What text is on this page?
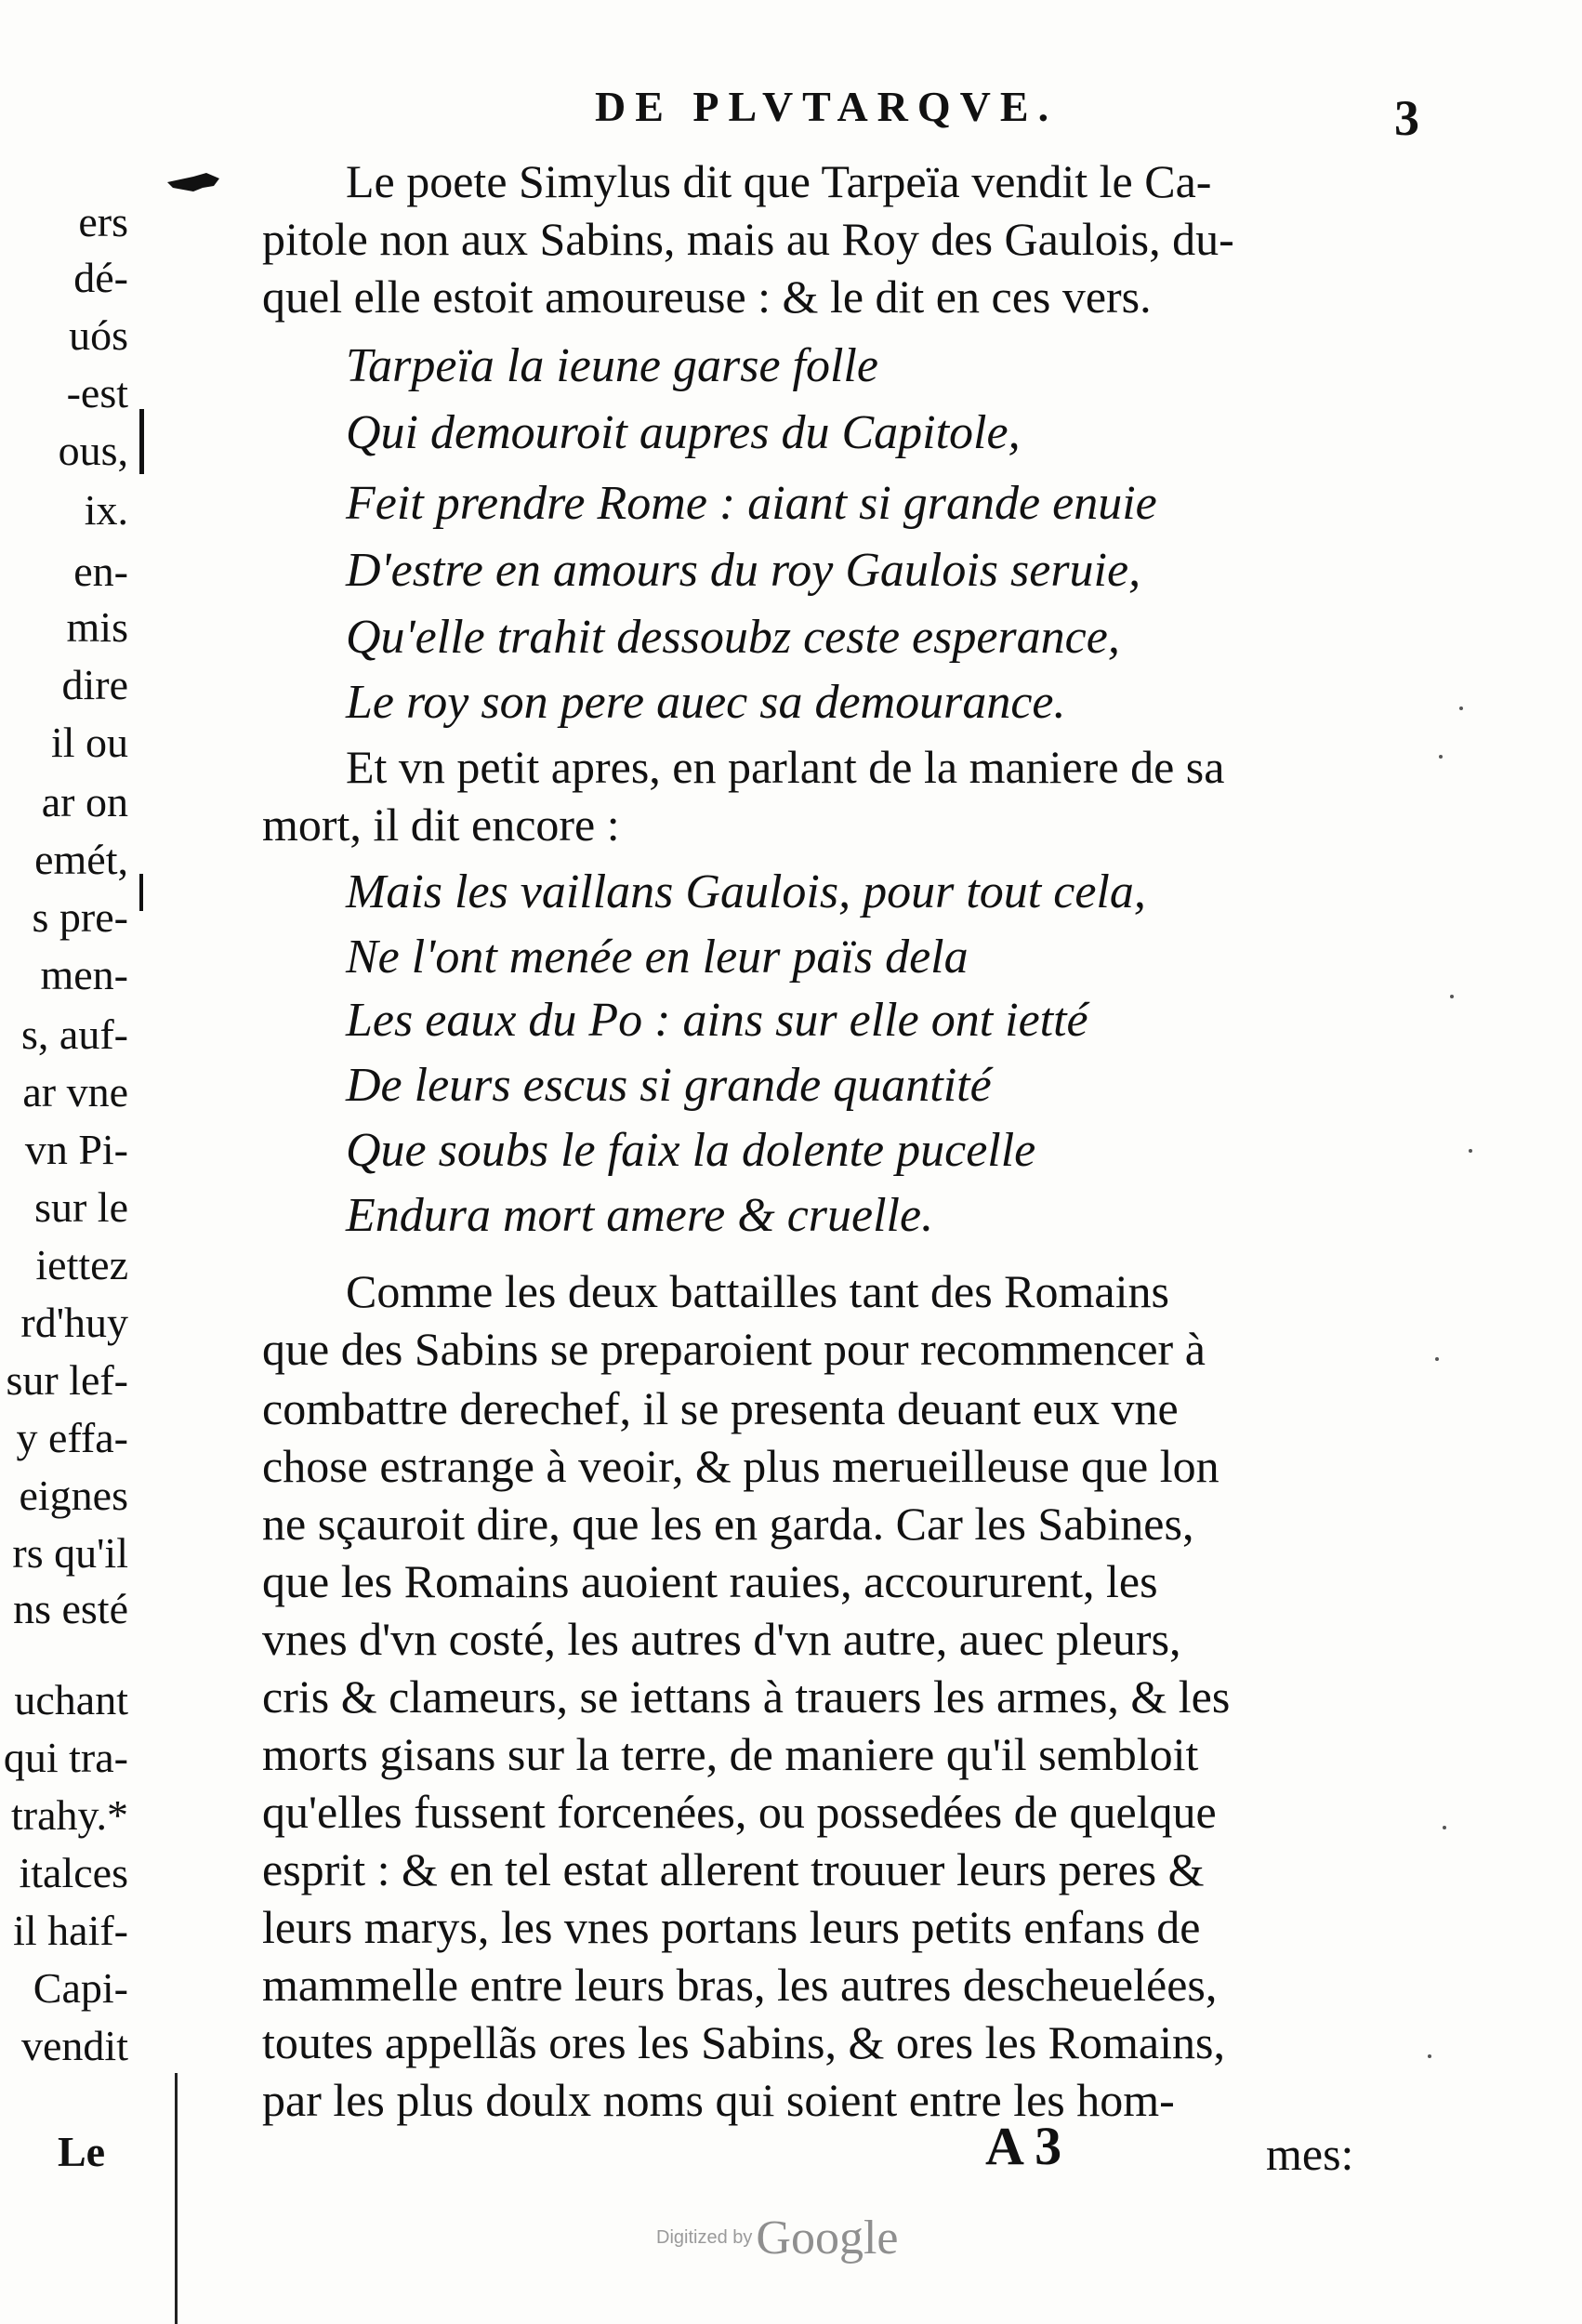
ers
dé-
uós
-est
ous,
ix.
en-
mis
dire
il ou
ar on
emét,
s pre-
men-
s, auf-
ar vne
vn Pi-
sur le
iettez
rd'huy
sur lef-
y effa-
eignes
rs qu'il
ns esté
uchant
qui tra-
trahy.*
italces
il haif-
Capi-
vendit
Le
DE PLVTARQVE.	3
Le poete Simylus dit que Tarpeïa vendit le Ca-
pitole non aux Sabins, mais au Roy des Gaulois, du-
quel elle estoit amoureuse : & le dit en ces vers.
Tarpeïa la ieune garse folle
Qui demouroit aupres du Capitole,
Feit prendre Rome : aiant si grande enuie
D'estre en amours du roy Gaulois seruie,
Qu'elle trahit dessoubz ceste esperance,
Le roy son pere auec sa demourance.
Et vn petit apres, en parlant de la maniere de sa
mort, il dit encore :
Mais les vaillans Gaulois, pour tout cela,
Ne l'ont menée en leur païs dela
Les eaux du Po : ains sur elle ont ietté
De leurs escus si grande quantité
Que soubs le faix la dolente pucelle
Endura mort amere & cruelle.
Comme les deux battailles tant des Romains
que des Sabins se preparoient pour recommencer à
combattre derechef, il se presenta deuant eux vne
chose estrange à veoir, & plus merueilleuse que lon
ne sçauroit dire, que les en garda. Car les Sabines,
que les Romains auoient rauies, accoururent, les
vnes d'vn costé, les autres d'vn autre, auec pleurs,
cris & clameurs, se iettans à trauers les armes, & les
morts gisans sur la terre, de maniere qu'il sembloit
qu'elles fussent forcenées, ou possedées de quelque
esprit : & en tel estat allerent trouuer leurs peres &
leurs marys, les vnes portans leurs petits enfans de
mammelle entre leurs bras, les autres descheuelées,
toutes appellãs ores les Sabins, & ores les Romains,
par les plus doulx noms qui soient entre les hom-
A 3	mes:
Digitized by Google
